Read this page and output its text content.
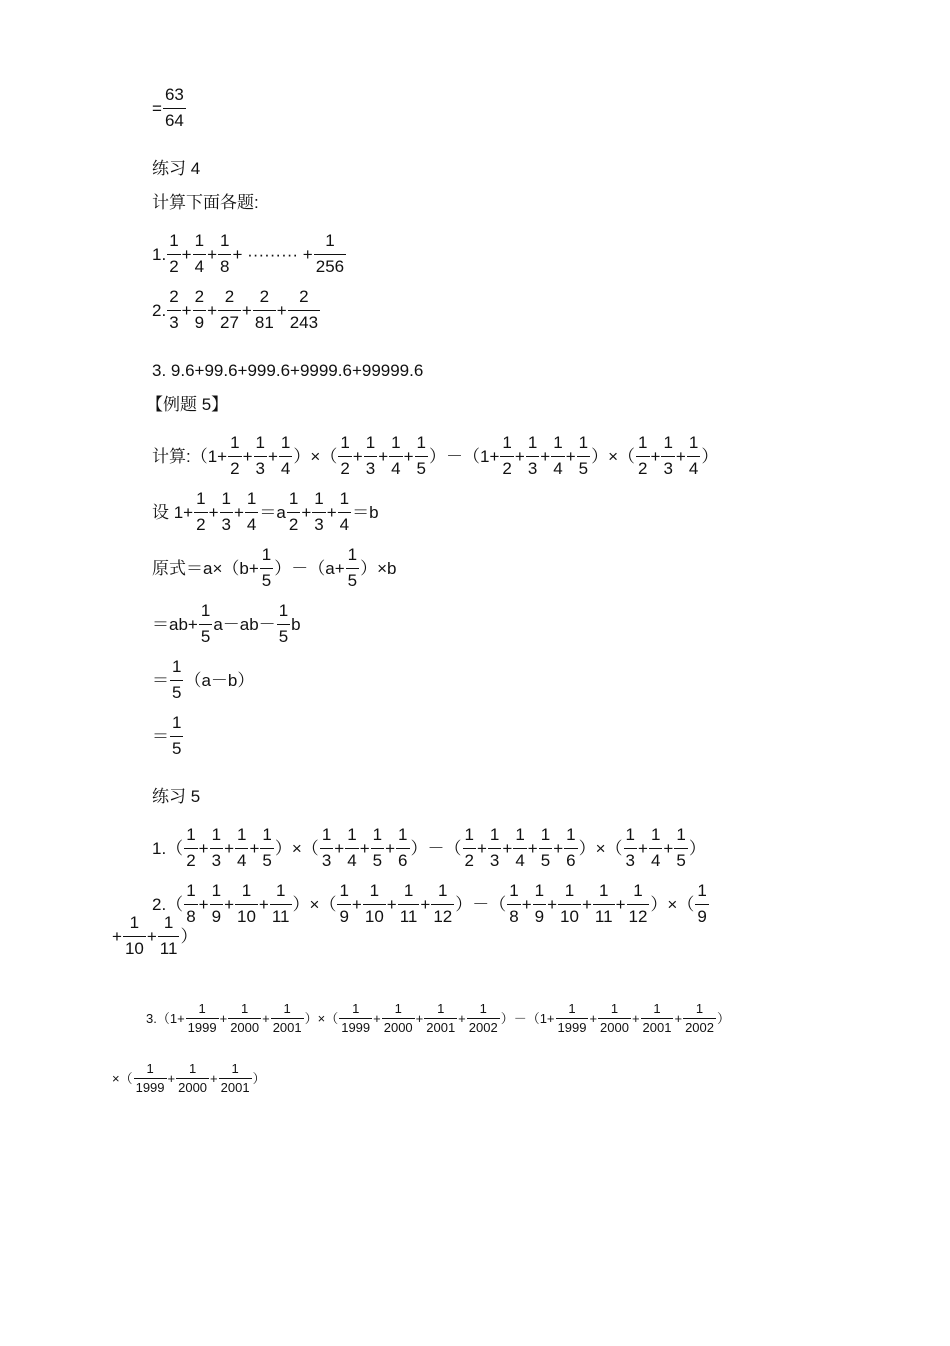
= $\frac{63}{64}$
练习 4
计算下面各题:
1. $\frac{1}{2} + \frac{1}{4} + \frac{1}{8}$ + ········· + $\frac{1}{256}$
2. $\frac{2}{3} + \frac{2}{9} + \frac{2}{27} + \frac{2}{81} + \frac{2}{243}$
3. 9.6+99.6+999.6+9999.6+99999.6
【例题 5】
计算:（1+ $\frac{1}{2} + \frac{1}{3} + \frac{1}{4}$ ）×（ $\frac{1}{2} + \frac{1}{3} + \frac{1}{4} + \frac{1}{5} )-(1+ \frac{1}{2} + \frac{1}{3} + \frac{1}{4} + \frac{1}{5}$ ）×（ $\frac{1}{2} + \frac{1}{3} + \frac{1}{4}$ ）
设 $1+ \frac{1}{2} + \frac{1}{3} + \frac{1}{4} =a \frac{1}{2} + \frac{1}{3} + \frac{1}{4} =b$
原式$=a\times(b+ \frac{1}{5} )-(a+ \frac{1}{5} )\times b$
$=ab+ \frac{1}{5} a-ab- \frac{1}{5}$ b
＝ $\frac{1}{5} (a-b)$
＝ $\frac{1}{5}$
练习 5
$1.( \frac{1}{2} + \frac{1}{3} + \frac{1}{4} + \frac{1}{5}$ ）×（ $\frac{1}{3} + \frac{1}{4} + \frac{1}{5} + \frac{1}{6}$ ）－（ $\frac{1}{2} + \frac{1}{3} + \frac{1}{4} + \frac{1}{5} + \frac{1}{6}$ ）×（ $\frac{1}{3} + \frac{1}{4} + \frac{1}{5}$ ）
$2.( \frac{1}{8} + \frac{1}{9} + \frac{1}{10} + \frac{1}{11}$ ）×（ $\frac{1}{9} + \frac{1}{10} + \frac{1}{11} + \frac{1}{12}$ ）－（ $\frac{1}{8} + \frac{1}{9} + \frac{1}{10} + \frac{1}{11} + \frac{1}{12}$ ）×（ $\frac{1}{9}$
+ $\frac{1}{10} + \frac{1}{11}$ ）
$3.(1+ \frac{1}{1999} + \frac{1}{2000} + \frac{1}{2001}$ ）×（ $\frac{1}{1999} + \frac{1}{2000} + \frac{1}{2001} + \frac{1}{2002} )-(1+ \frac{1}{1999} + \frac{1}{2000} + \frac{1}{2001} + \frac{1}{2002}$ ）
×（ $\frac{1}{1999} + \frac{1}{2000} + \frac{1}{2001}$ ）
